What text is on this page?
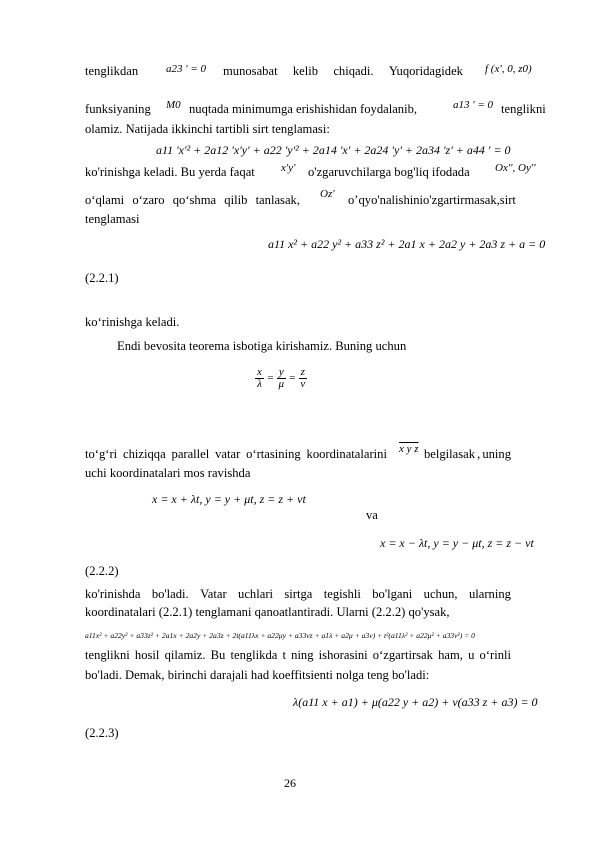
tenglikdan	a23 ' = 0 munosabat kelib chiqadi. Yuqoridagidek f (x', 0, z0)
funksiyaning	M0 nuqtada minimumga erishishidan foydalanib,	a13 ' = 0 tenglikni
olamiz. Natijada ikkinchi tartibli sirt tenglamasi:
a11 'x'² + 2a12 'x'y' + a22 'y'² + 2a14 'x' + 2a24 'y' + 2a34 'z' + a44 ' = 0
ko'rinishga keladi. Bu yerda faqat	x'y' o'zgaruvchilarga bog'liq ifodada	Ox'', Oy''
o‘qlami o‘zaro qo‘shma qilib tanlasak, Oz' o’q yo'nalishini o'zgartirmasak, sirt
tenglamasi
a11 x² + a22 y² + a33 z² + 2a1 x + 2a2 y + 2a3 z + a = 0
(2.2.1)
ko‘rinishga keladi.
Endi bevosita teorema isbotiga kirishamiz. Buning uchun
$\frac{x}{\lambda} = \frac{y}{\mu} = \frac{z}{\nu}$
to‘g‘ri chiziqqa parallel vatar o‘rtasining koordinatalarini x y z belgilasak , uning
uchi koordinatalari mos ravishda
x = x + λt, y = y + μt, z = z + νt
va
x = x − λt, y = y − μt, z = z − νt
(2.2.2)
ko'rinishda bo'ladi. Vatar uchlari sirtga tegishli bo'lgani uchun, ularning
koordinatalari (2.2.1) tenglamani qanoatlantiradi. Ularni (2.2.2) qo'ysak,
a11x² + a22y² + a33z² + 2a1x + 2a2y + 2a3z + 2t(a11λx + a22μy + a33νz + a1λ + a2μ + a3ν) + t²(a11λ² + a22μ² + a33ν²) = 0
tenglikni hosil qilamiz. Bu tenglikda t ning ishorasini o‘zgartirsak ham, u o‘rinli
bo'ladi. Demak, birinchi darajali had koeffitsienti nolga teng bo'ladi:
λ(a11 x + a1) + μ(a22 y + a2) + ν(a33 z + a3) = 0
(2.2.3)
26
